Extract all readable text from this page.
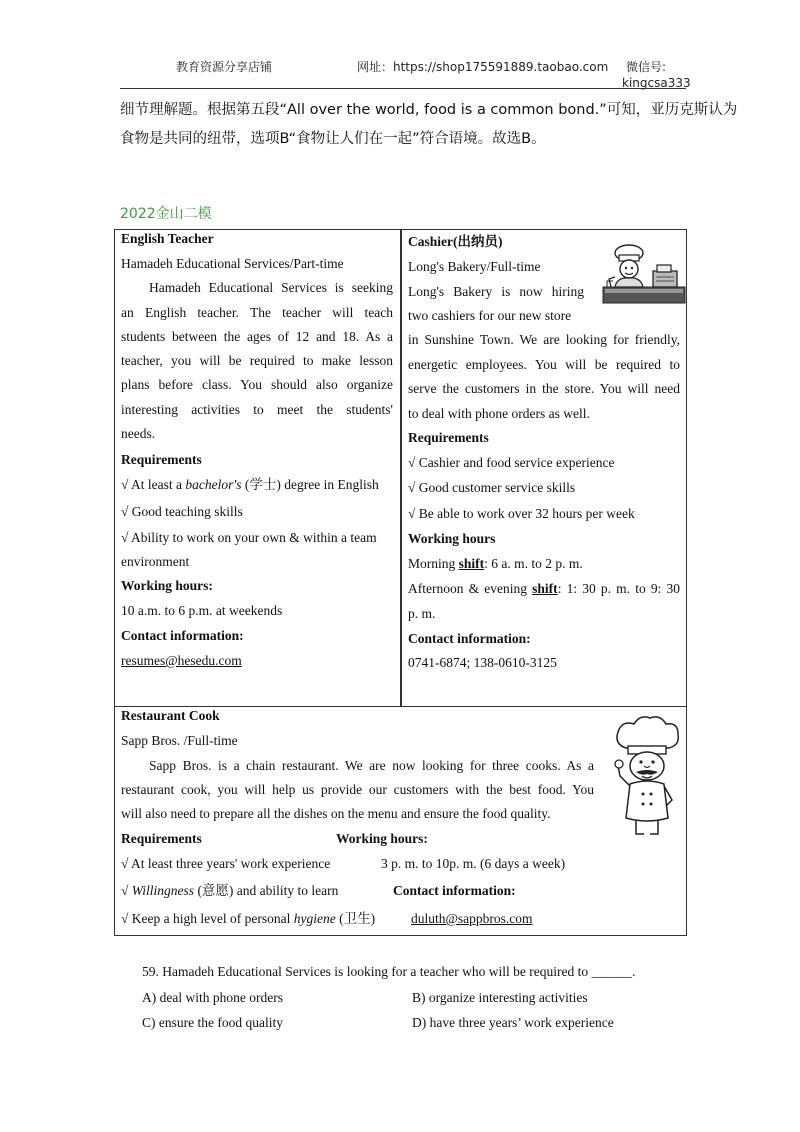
教育资源分享店铺	网址：https://shop175591889.taobao.com 微信号:
kingcsa333
细节理解题。根据第五段“All over the world, food is a common bond.”可知，亚历克斯认为
食物是共同的纽带，选项B“食物让人们在一起”符合语境。故选B。
2022金山二模
English Teacher
Hamadeh Educational Services/Part-time
Hamadeh Educational Services is seeking
an English teacher. The teacher will teach
students between the ages of 12 and 18. As a
teacher, you will be required to make lesson
plans before class. You should also organize
interesting activities to meet the students'
needs.
Requirements
√ At least a bachelor's (学士) degree in English
√ Good teaching skills
√ Ability to work on your own & within a team
environment
Working hours:
10 a.m. to 6 p.m. at weekends
Contact information:
resumes@hesedu.com
Cashier(出纳员)
Long's Bakery/Full-time
Long's Bakery is now hiring
two cashiers for our new store
in Sunshine Town. We are looking for friendly,
energetic employees. You will be required to
serve the customers in the store. You will need
to deal with phone orders as well.
Requirements
√ Cashier and food service experience
√ Good customer service skills
√ Be able to work over 32 hours per week
Working hours
Morning shift: 6 a. m. to 2 p. m.
Afternoon & evening shift: 1: 30 p. m. to 9: 30
p. m.
Contact information:
0741-6874; 138-0610-3125
Restaurant Cook
Sapp Bros. /Full-time
Sapp Bros. is a chain restaurant. We are now looking for three cooks. As a
restaurant cook, you will help us provide our customers with the best food. You
will also need to prepare all the dishes on the menu and ensure the food quality.
Requirements	Working hours:
√ At least three years' work experience	3 p. m. to 10p. m. (6 days a week)
√ Willingness (意愿) and ability to learn	Contact information:
√ Keep a high level of personal hygiene (卫生)	duluth@sappbros.com
59. Hamadeh Educational Services is looking for a teacher who will be required to ______.
A) deal with phone orders	B) organize interesting activities
C) ensure the food quality	D) have three years’ work experience
